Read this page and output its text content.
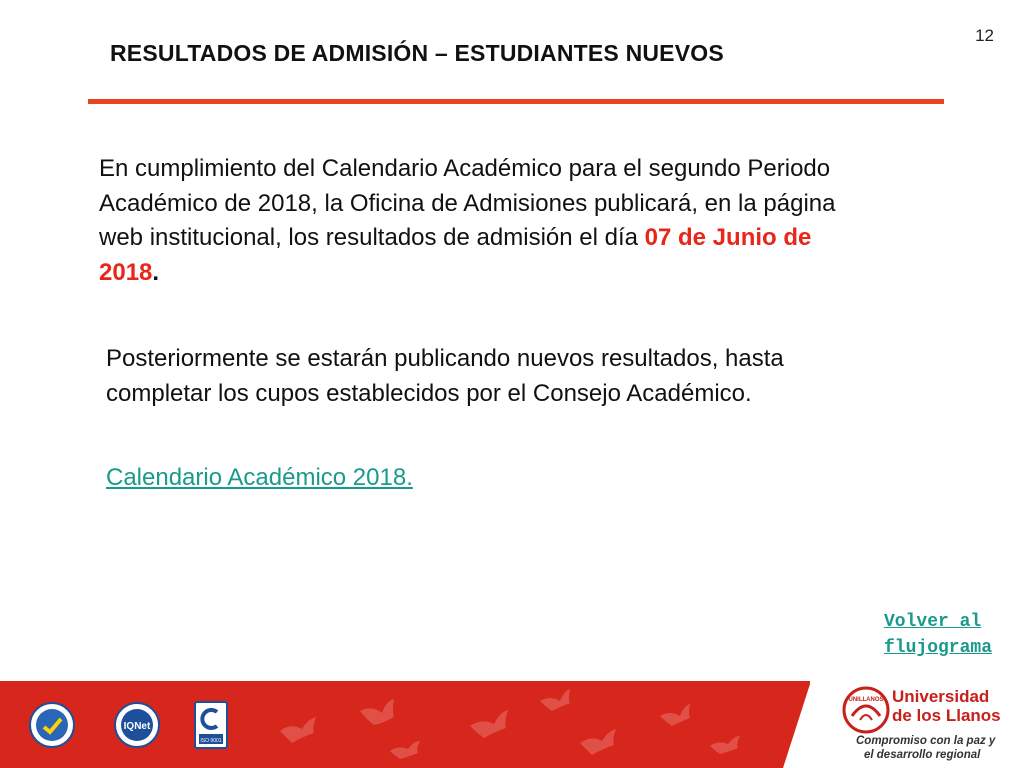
12
RESULTADOS DE ADMISIÓN – ESTUDIANTES NUEVOS
En cumplimiento del Calendario Académico para el segundo Periodo Académico de 2018, la Oficina de Admisiones publicará, en la página web institucional, los resultados de admisión el día 07 de Junio de 2018.
Posteriormente se estarán publicando nuevos resultados, hasta completar los cupos establecidos por el Consejo Académico.
Calendario Académico 2018.
Volver al
flujograma
IQNet
ISO 9001
UNILLANOS Universidad
de los Llanos
Compromiso con la paz y
el desarrollo regional
